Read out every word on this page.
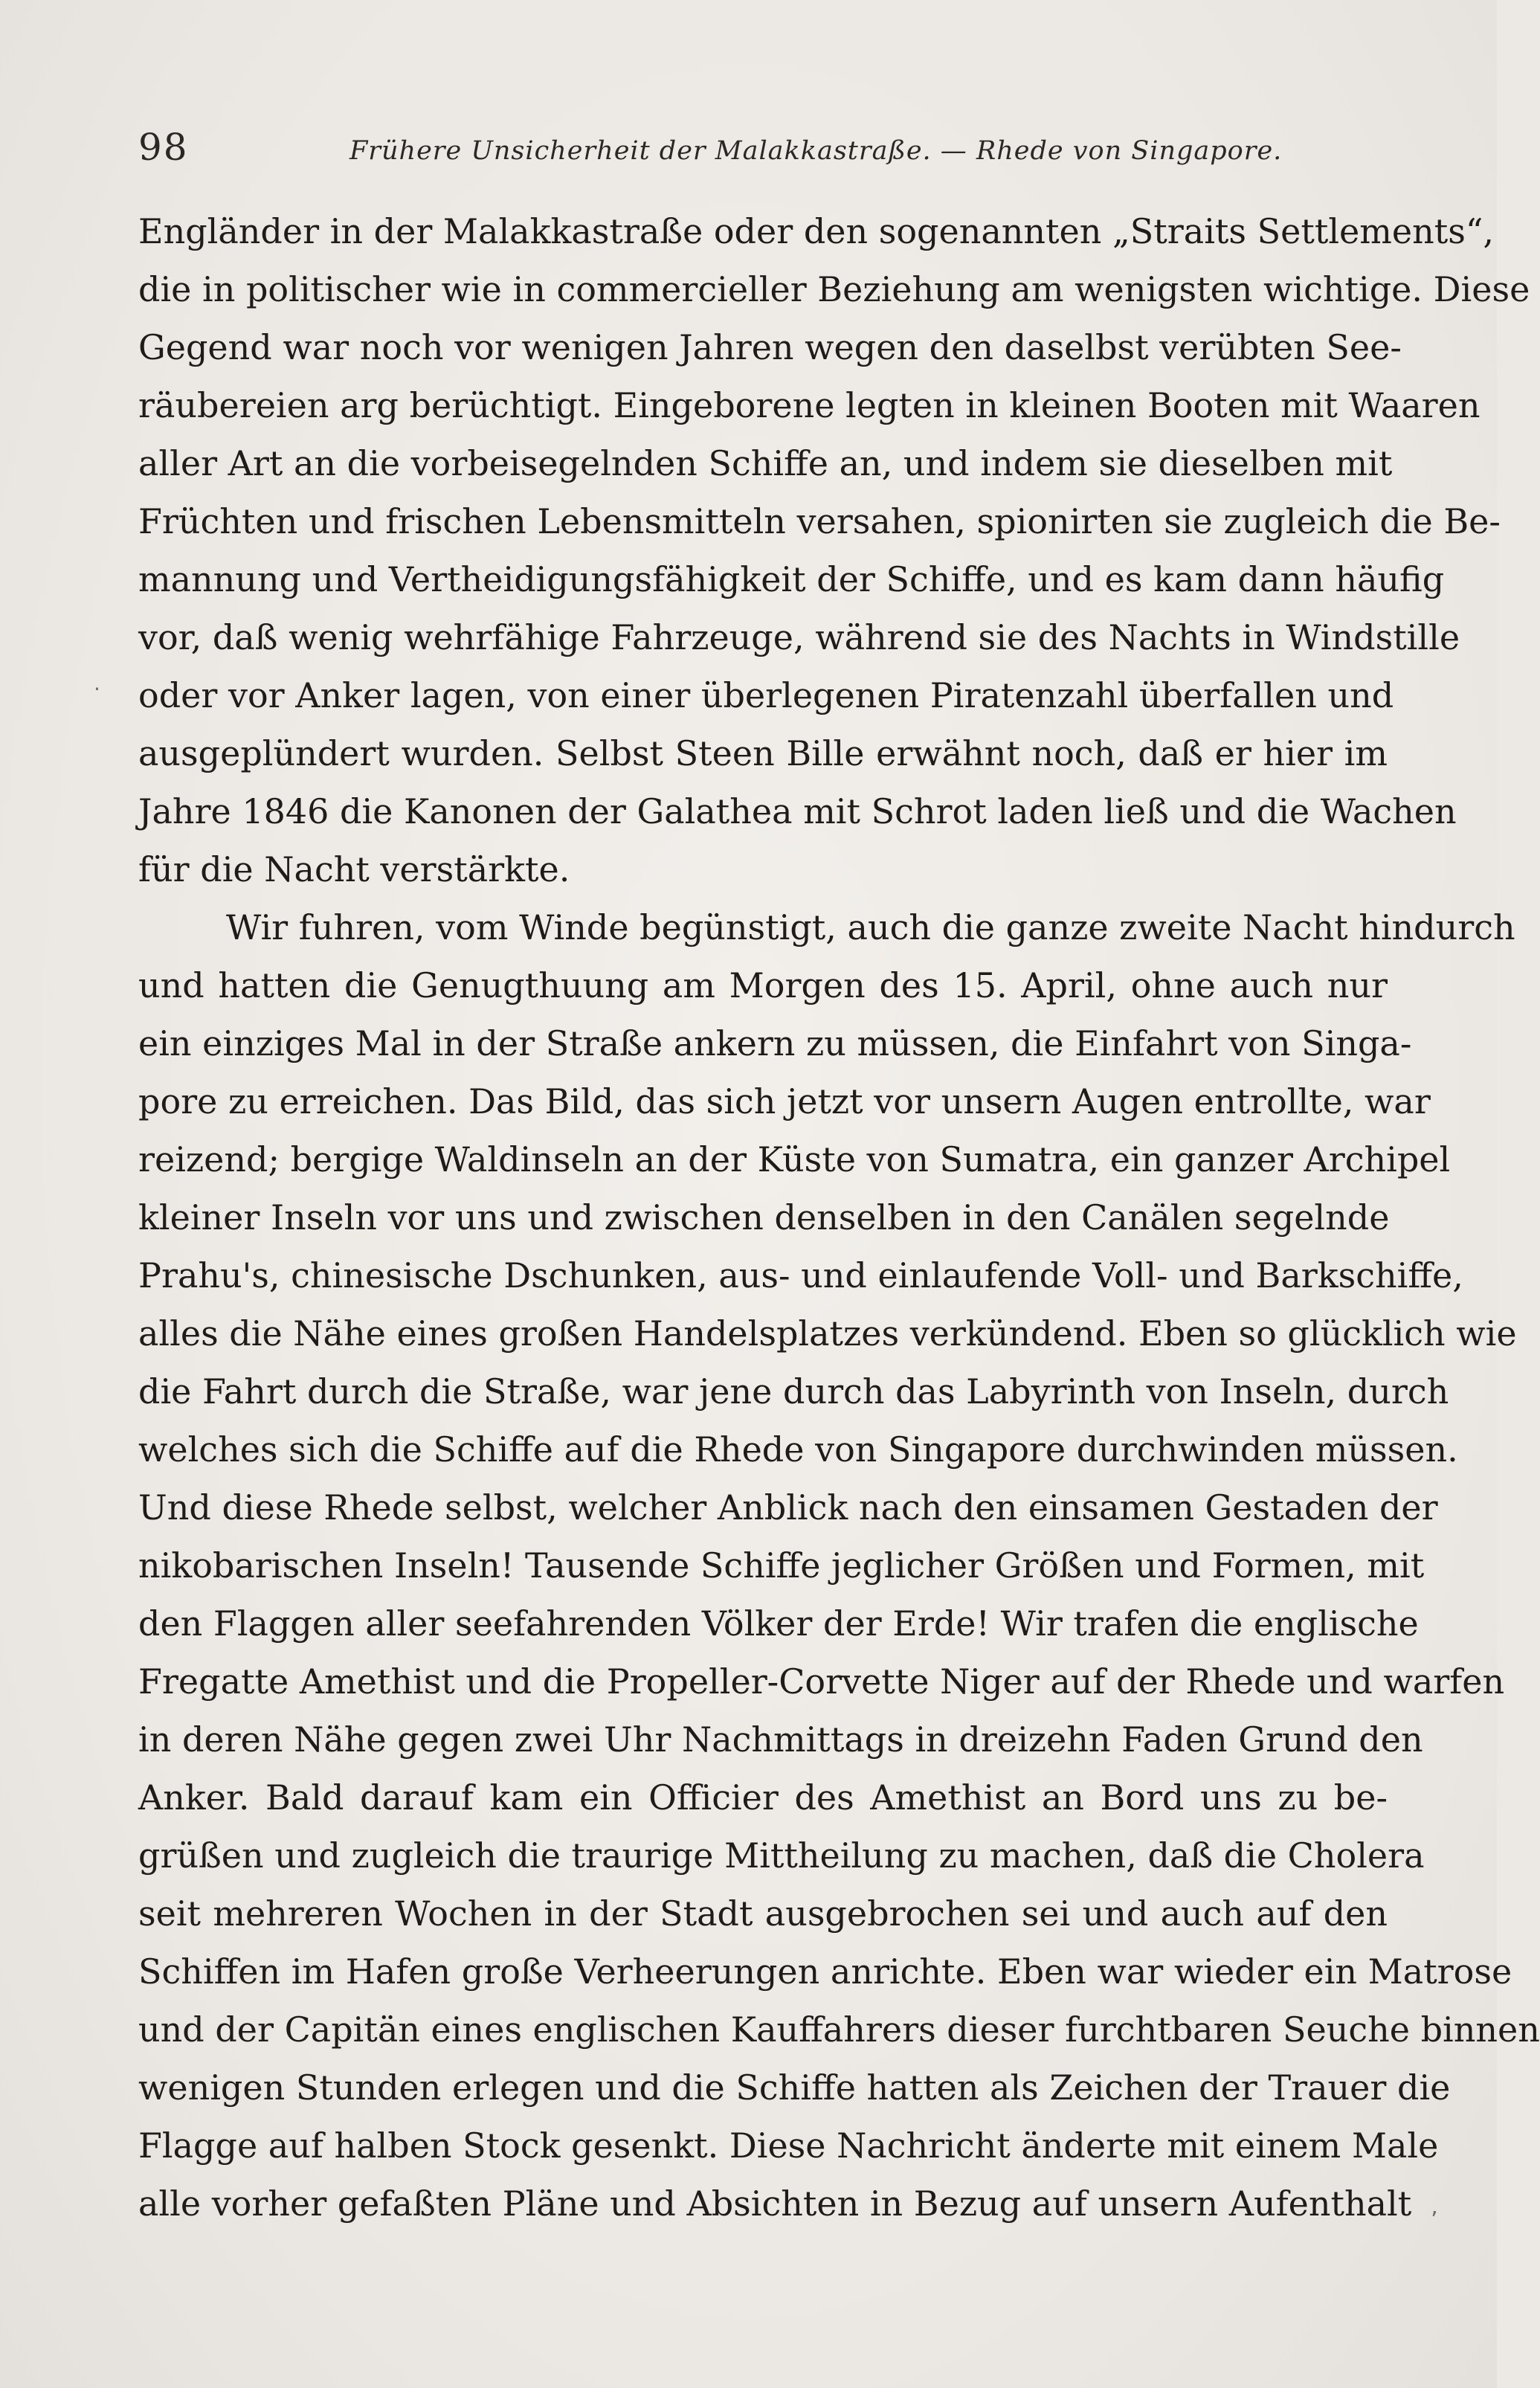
98	Frühere Unsicherheit der Malakkastraße. — Rhede von Singapore.
Engländer in der Malakkastraße oder den sogenannten „Straits Settlements“,
die in politischer wie in commercieller Beziehung am wenigsten wichtige. Diese
Gegend war noch vor wenigen Jahren wegen den daselbst verübten See-
räubereien arg berüchtigt. Eingeborene legten in kleinen Booten mit Waaren
aller Art an die vorbeisegelnden Schiffe an, und indem sie dieselben mit
Früchten und frischen Lebensmitteln versahen, spionirten sie zugleich die Be-
mannung und Vertheidigungsfähigkeit der Schiffe, und es kam dann häufig
vor, daß wenig wehrfähige Fahrzeuge, während sie des Nachts in Windstille
oder vor Anker lagen, von einer überlegenen Piratenzahl überfallen und
ausgeplündert wurden. Selbst Steen Bille erwähnt noch, daß er hier im
Jahre 1846 die Kanonen der Galathea mit Schrot laden ließ und die Wachen
für die Nacht verstärkte.
Wir fuhren, vom Winde begünstigt, auch die ganze zweite Nacht hindurch
und hatten die Genugthuung am Morgen des 15. April, ohne auch nur
ein einziges Mal in der Straße ankern zu müssen, die Einfahrt von Singa-
pore zu erreichen. Das Bild, das sich jetzt vor unsern Augen entrollte, war
reizend; bergige Waldinseln an der Küste von Sumatra, ein ganzer Archipel
kleiner Inseln vor uns und zwischen denselben in den Canälen segelnde
Prahu's, chinesische Dschunken, aus- und einlaufende Voll- und Barkschiffe,
alles die Nähe eines großen Handelsplatzes verkündend. Eben so glücklich wie
die Fahrt durch die Straße, war jene durch das Labyrinth von Inseln, durch
welches sich die Schiffe auf die Rhede von Singapore durchwinden müssen.
Und diese Rhede selbst, welcher Anblick nach den einsamen Gestaden der
nikobarischen Inseln! Tausende Schiffe jeglicher Größen und Formen, mit
den Flaggen aller seefahrenden Völker der Erde! Wir trafen die englische
Fregatte Amethist und die Propeller-Corvette Niger auf der Rhede und warfen
in deren Nähe gegen zwei Uhr Nachmittags in dreizehn Faden Grund den
Anker. Bald darauf kam ein Officier des Amethist an Bord uns zu be-
grüßen und zugleich die traurige Mittheilung zu machen, daß die Cholera
seit mehreren Wochen in der Stadt ausgebrochen sei und auch auf den
Schiffen im Hafen große Verheerungen anrichte. Eben war wieder ein Matrose
und der Capitän eines englischen Kauffahrers dieser furchtbaren Seuche binnen
wenigen Stunden erlegen und die Schiffe hatten als Zeichen der Trauer die
Flagge auf halben Stock gesenkt. Diese Nachricht änderte mit einem Male
alle vorher gefaßten Pläne und Absichten in Bezug auf unsern Aufenthalt
·
’
